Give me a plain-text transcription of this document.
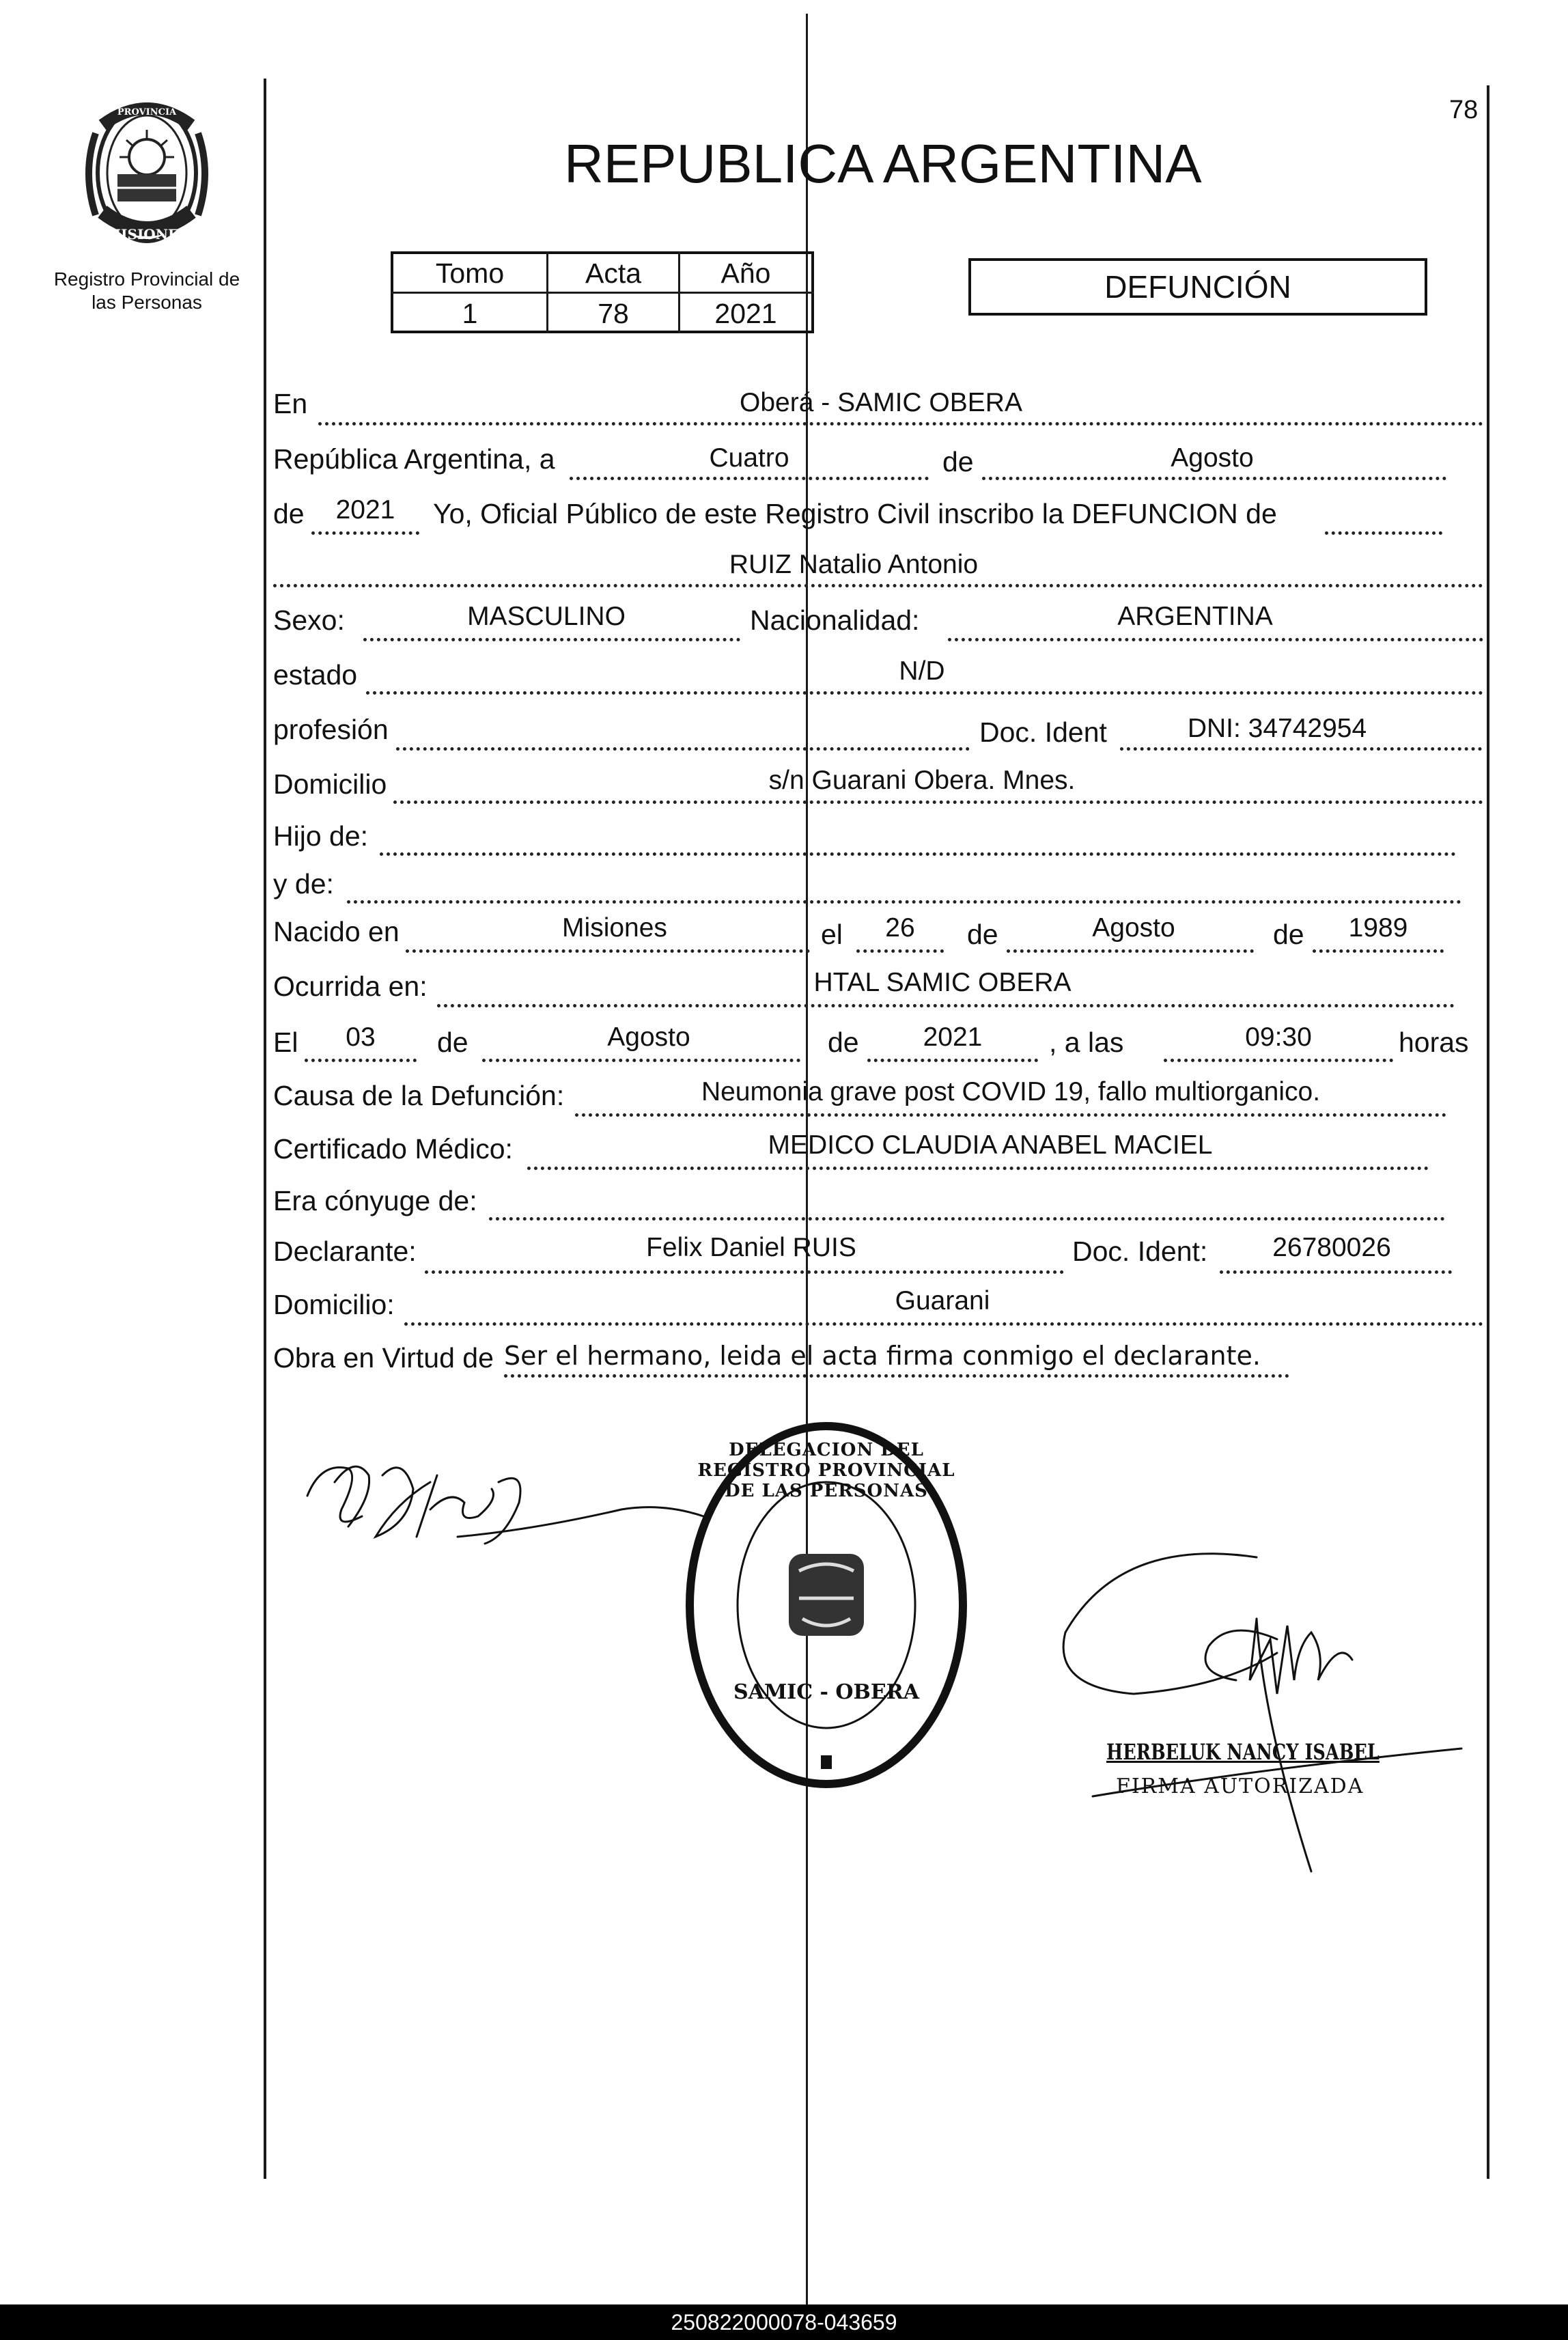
78
PROVINCIA DE
MISIONES
Registro Provincial de
las Personas
REPUBLICA ARGENTINA
Tomo	Acta	Año
1	78	2021
DEFUNCIÓN
En	Oberá - SAMIC OBERA
República Argentina, a	Cuatro	de	Agosto
de	2021	Yo, Oficial Público de este Registro Civil inscribo la DEFUNCION de
RUIZ Natalio Antonio
Sexo:	MASCULINO	Nacionalidad:	ARGENTINA
estado	N/D
profesión	Doc. Ident	DNI: 34742954
Domicilio	s/n Guarani Obera. Mnes.
Hijo de:
y de:
Nacido en	Misiones	el	26	de	Agosto	de	1989
Ocurrida en:	HTAL SAMIC OBERA
El	03	de	Agosto	de	2021	, a las	09:30	horas
Causa de la Defunción:	Neumonia grave post COVID 19, fallo multiorganico.
Certificado Médico:	MEDICO CLAUDIA ANABEL MACIEL
Era cónyuge de:
Declarante:	Felix Daniel RUIS	Doc. Ident:	26780026
Domicilio:	Guarani
Obra en Virtud de Ser el hermano, leida el acta firma conmigo el declarante.
DELEGACION DEL REGISTRO PROVINCIAL DE LAS PERSONAS
SAMIC - OBERA
HERBELUK NANCY ISABEL
FIRMA AUTORIZADA
250822000078-043659
